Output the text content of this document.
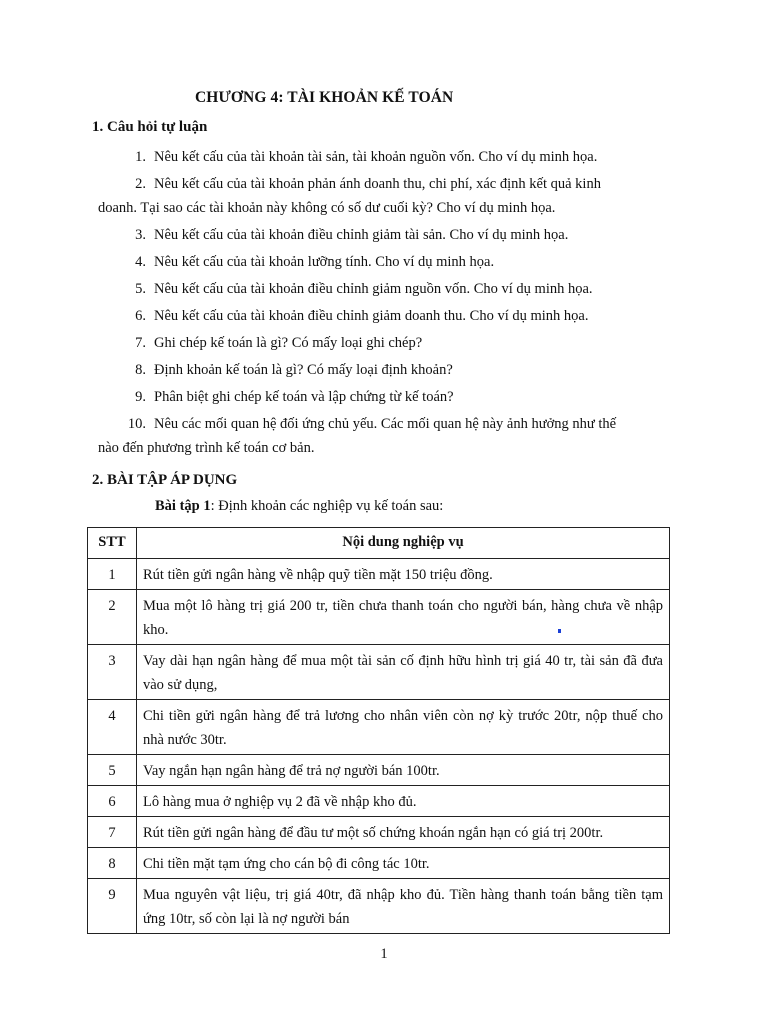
CHƯƠNG 4: TÀI KHOẢN KẾ TOÁN
1. Câu hỏi tự luận
1. Nêu kết cấu của tài khoản tài sản, tài khoản nguồn vốn. Cho ví dụ minh họa.
2. Nêu kết cấu của tài khoản phản ánh doanh thu, chi phí, xác định kết quả kinh
doanh. Tại sao các tài khoản này không có số dư cuối kỳ? Cho ví dụ minh họa.
3. Nêu kết cấu của tài khoản điều chỉnh giảm tài sản. Cho ví dụ minh họa.
4. Nêu kết cấu của tài khoản lưỡng tính. Cho ví dụ minh họa.
5. Nêu kết cấu của tài khoản điều chỉnh giảm nguồn vốn. Cho ví dụ minh họa.
6. Nêu kết cấu của tài khoản điều chỉnh giảm doanh thu. Cho ví dụ minh họa.
7. Ghi chép kế toán là gì? Có mấy loại ghi chép?
8. Định khoản kế toán là gì? Có mấy loại định khoản?
9. Phân biệt ghi chép kế toán và lập chứng từ kế toán?
10. Nêu các mối quan hệ đối ứng chủ yếu. Các mối quan hệ này ảnh hưởng như thế
nào đến phương trình kế toán cơ bản.
2. BÀI TẬP ÁP DỤNG
Bài tập 1: Định khoản các nghiệp vụ kế toán sau:
STT	Nội dung nghiệp vụ
1	Rút tiền gửi ngân hàng về nhập quỹ tiền mặt 150 triệu đồng.
2	Mua một lô hàng trị giá 200 tr, tiền chưa thanh toán cho người bán, hàng chưa về nhập kho.
3	Vay dài hạn ngân hàng để mua một tài sản cố định hữu hình trị giá 40 tr, tài sản đã đưa vào sử dụng,
4	Chi tiền gửi ngân hàng để trả lương cho nhân viên còn nợ kỳ trước 20tr, nộp thuế cho nhà nước 30tr.
5	Vay ngắn hạn ngân hàng để trả nợ người bán 100tr.
6	Lô hàng mua ở nghiệp vụ 2 đã về nhập kho đủ.
7	Rút tiền gửi ngân hàng để đầu tư một số chứng khoán ngắn hạn có giá trị 200tr.
8	Chi tiền mặt tạm ứng cho cán bộ đi công tác 10tr.
9	Mua nguyên vật liệu, trị giá 40tr, đã nhập kho đủ. Tiền hàng thanh toán bằng tiền tạm ứng 10tr, số còn lại là nợ người bán
1
